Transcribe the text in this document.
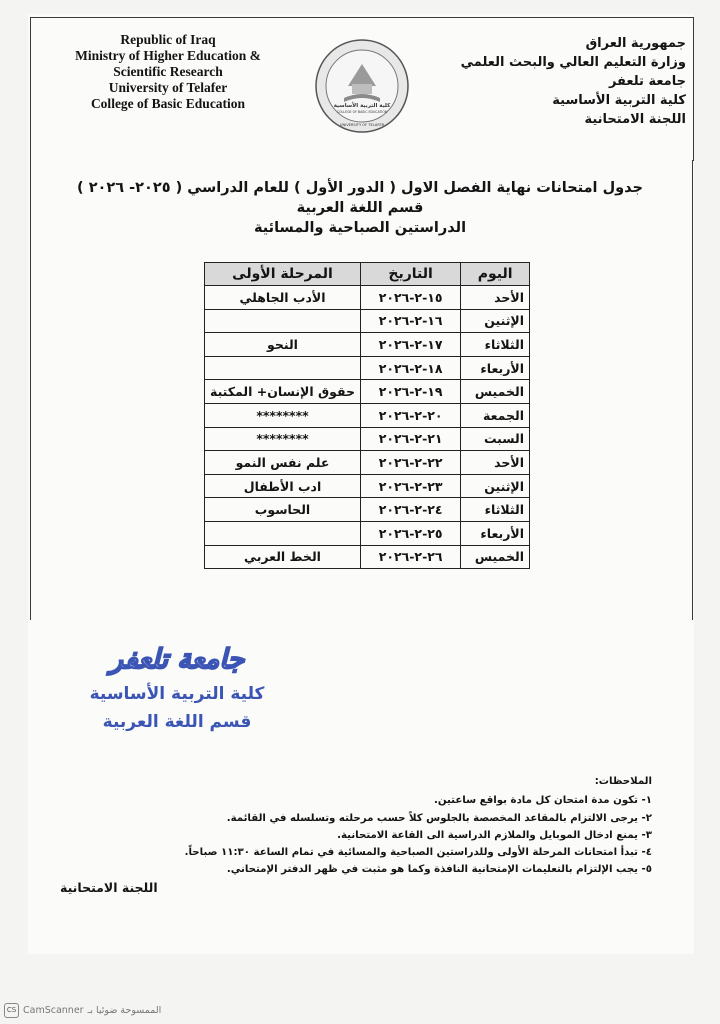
Republic of Iraq
Ministry of Higher Education &
Scientific Research
University of Telafer
College of Basic Education	كلية التربية الأساسية
COLLEGE OF BASIC EDUCATION
UNIVERSITY OF TELAFER
جمهورية العراق
وزارة التعليم العالي والبحث العلمي
جامعة تلعفر
كلية التربية الأساسية
اللجنة الامتحانية
جدول امتحانات نهاية الفصل الاول ( الدور الأول ) للعام الدراسي ( ٢٠٢٥- ٢٠٢٦ )
قسم اللغة العربية
الدراستين الصباحية والمسائية
اليوم	التاريخ	المرحلة الأولى
الأحد	١٥-٢-٢٠٢٦	الأدب الجاهلي
الإثنين	١٦-٢-٢٠٢٦	
الثلاثاء	١٧-٢-٢٠٢٦	النحو
الأربعاء	١٨-٢-٢٠٢٦	
الخميس	١٩-٢-٢٠٢٦	حقوق الإنسان+ المكتبة
الجمعة	٢٠-٢-٢٠٢٦	********
السبت	٢١-٢-٢٠٢٦	********
الأحد	٢٢-٢-٢٠٢٦	علم نفس النمو
الإثنين	٢٣-٢-٢٠٢٦	ادب الأطفال
الثلاثاء	٢٤-٢-٢٠٢٦	الحاسوب
الأربعاء	٢٥-٢-٢٠٢٦	
الخميس	٢٦-٢-٢٠٢٦	الخط العربي
جامعة تلعفر
كلية التربية الأساسية
قسم اللغة العربية
الملاحظات:
١- تكون مدة امتحان كل مادة بواقع ساعتين.
٢- يرجى الالتزام بالمقاعد المخصصة بالجلوس كلاً حسب مرحلته وتسلسله في القائمة.
٣- يمنع ادخال الموبايل والملازم الدراسية الى القاعة الامتحانية.
٤- تبدأ امتحانات المرحلة الأولى وللدراستين الصباحية والمسائية في تمام الساعة ١١:٣٠ صباحاً.
٥- يجب الإلتزام بالتعليمات الإمتحانية النافذة وكما هو مثبت في ظهر الدفتر الإمتحاني.
اللجنة الامتحانية
CS CamScanner الممسوحة ضوئيا بـ
